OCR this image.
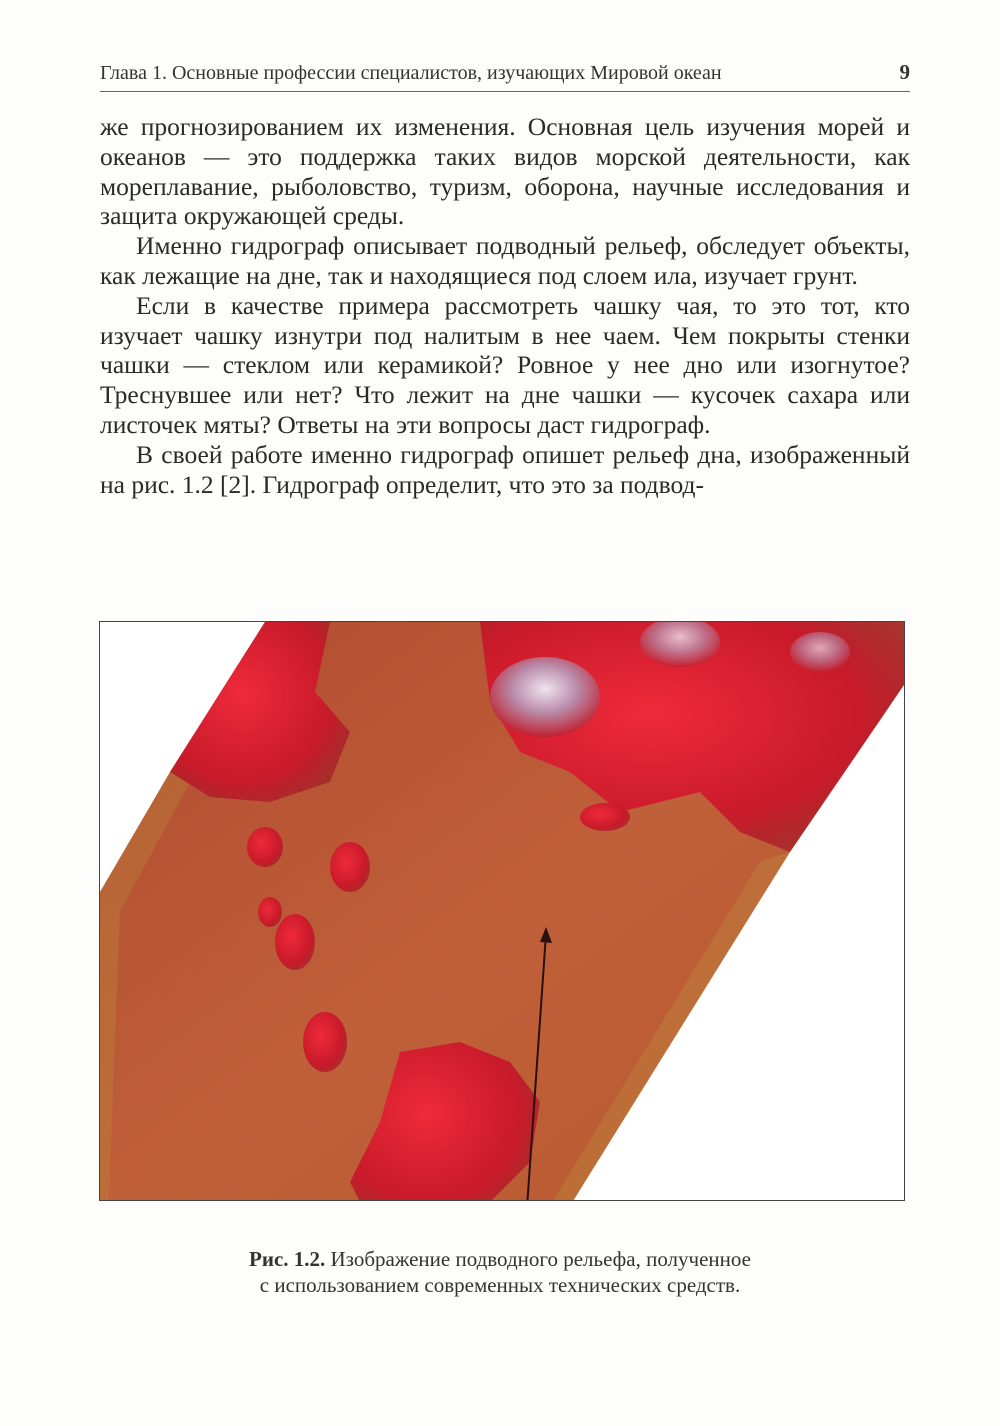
Глава 1. Основные профессии специалистов, изучающих Мировой океан	9

же прогнозированием их изменения. Основная цель изучения морей и океанов — это поддержка таких видов морской деятельности, как мореплавание, рыболовство, туризм, оборона, научные исследования и защита окружающей среды.

Именно гидрограф описывает подводный рельеф, обследует объекты, как лежащие на дне, так и находящиеся под слоем ила, изучает грунт.

Если в качестве примера рассмотреть чашку чая, то это тот, кто изучает чашку изнутри под налитым в нее чаем. Чем покрыты стенки чашки — стеклом или керамикой? Ровное у нее дно или изогнутое? Треснувшее или нет? Что лежит на дне чашки — кусочек сахара или листочек мяты? Ответы на эти вопросы даст гидрограф.

В своей работе именно гидрограф опишет рельеф дна, изображенный на рис. 1.2 [2]. Гидрограф определит, что это за подвод-

Рис. 1.2. Изображение подводного рельефа, полученное
с использованием современных технических средств.
